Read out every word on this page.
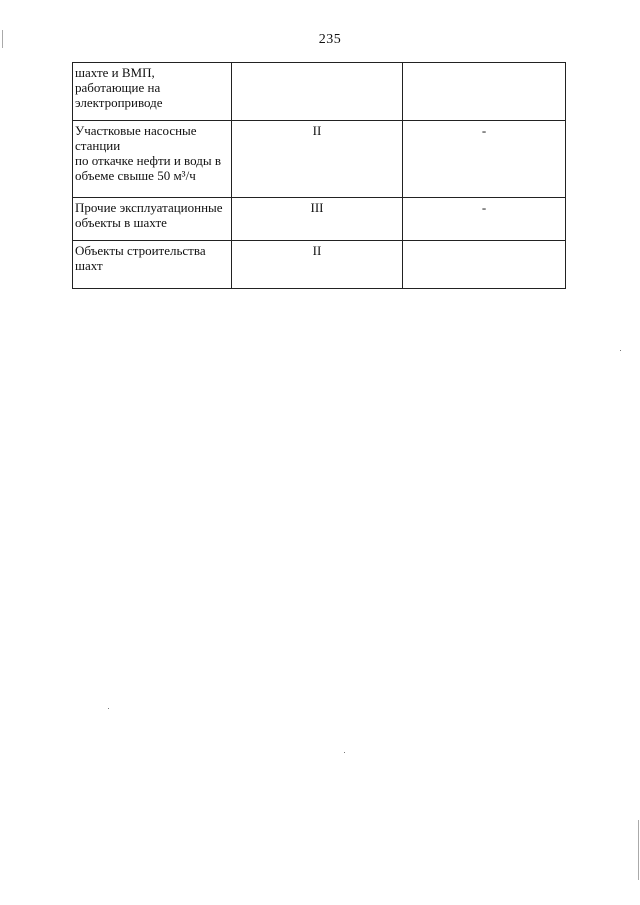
235
шахте и ВМП,
работающие на
электроприводе		
Участковые насосные
станции
по откачке нефти и воды в
объеме свыше 50 м³/ч	II	-
Прочие эксплуатационные
объекты в шахте	III	-
Объекты строительства
шахт	II	
